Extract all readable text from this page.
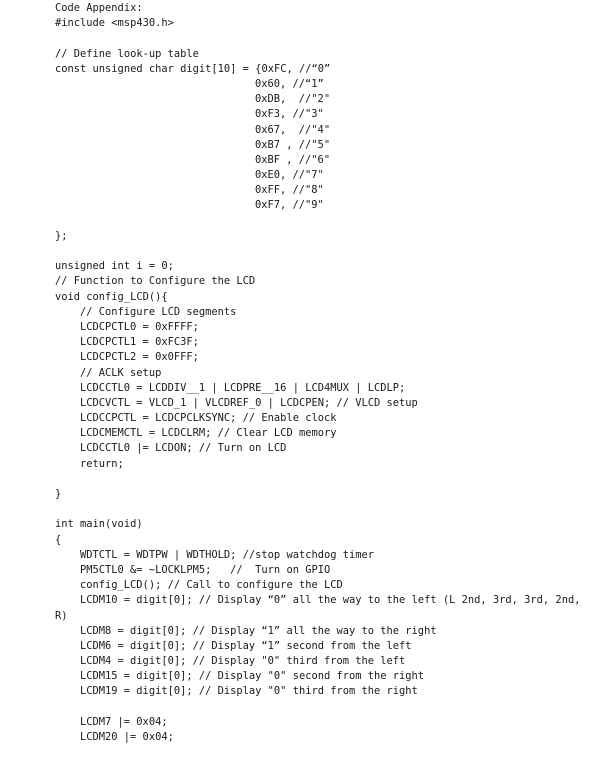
Code Appendix:
#include <msp430.h>
// Define look-up table
const unsigned char digit[10] = {0xFC, //“0”
0x60, //“1”
0xDB,  //"2"
0xF3, //"3"
0x67,  //"4"
0xB7 , //"5"
0xBF , //"6"
0xE0, //"7"
0xFF, //"8"
0xF7, //"9"
};
unsigned int i = 0;
// Function to Configure the LCD
void config_LCD(){
// Configure LCD segments
LCDCPCTL0 = 0xFFFF;
LCDCPCTL1 = 0xFC3F;
LCDCPCTL2 = 0x0FFF;
// ACLK setup
LCDCCTL0 = LCDDIV__1 | LCDPRE__16 | LCD4MUX | LCDLP;
LCDCVCTL = VLCD_1 | VLCDREF_0 | LCDCPEN; // VLCD setup
LCDCCPCTL = LCDCPCLKSYNC; // Enable clock
LCDCMEMCTL = LCDCLRM; // Clear LCD memory
LCDCCTL0 |= LCDON; // Turn on LCD
return;
}
int main(void)
{
WDTCTL = WDTPW | WDTHOLD; //stop watchdog timer
PM5CTL0 &= ~LOCKLPM5;   //  Turn on GPIO
config_LCD(); // Call to configure the LCD
LCDM10 = digit[0]; // Display “0” all the way to the left (L 2nd, 3rd, 3rd, 2nd,
R)
LCDM8 = digit[0]; // Display “1” all the way to the right
LCDM6 = digit[0]; // Display “1” second from the left
LCDM4 = digit[0]; // Display "0" third from the left
LCDM15 = digit[0]; // Display "0" second from the right
LCDM19 = digit[0]; // Display "0" third from the right
LCDM7 |= 0x04;
LCDM20 |= 0x04;
